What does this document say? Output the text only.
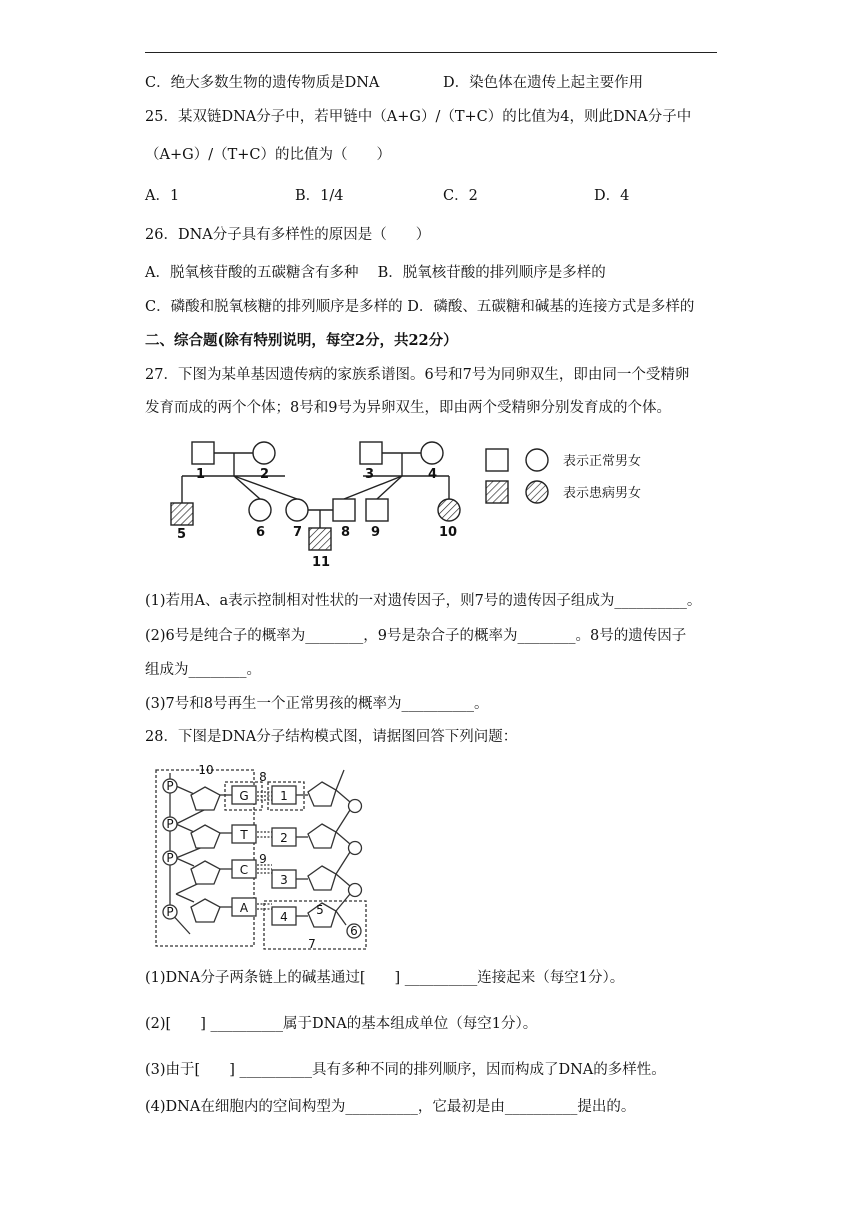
C．绝大多数生物的遗传物质是DNA	D．染色体在遗传上起主要作用
25．某双链DNA分子中，若甲链中（A+G）/（T+C）的比值为4，则此DNA分子中
（A+G）/（T+C）的比值为（　　）
A．1	B．1/4	C．2	D．4
26．DNA分子具有多样性的原因是（　　）
A．脱氧核苷酸的五碳糖含有多种　 B．脱氧核苷酸的排列顺序是多样的
C．磷酸和脱氧核糖的排列顺序是多样的 D．磷酸、五碳糖和碱基的连接方式是多样的
二、综合题(除有特别说明，每空2分，共22分）
27．下图为某单基因遗传病的家族系谱图。6号和7号为同卵双生，即由同一个受精卵
发育而成的两个个体；8号和9号为异卵双生，即由两个受精卵分别发育成的个体。
1	2	3	4
5	6 7	8 9	10
11
表示正常男女
表示患病男女
(1)若用A、a表示控制相对性状的一对遗传因子，则7号的遗传因子组成为__________。
(2)6号是纯合子的概率为________，9号是杂合子的概率为________。8号的遗传因子
组成为________。
(3)7号和8号再生一个正常男孩的概率为__________。
28．下图是DNA分子结构模式图，请据图回答下列问题：
P
P
P
P
G
T
C
A
1
2
3
4 5
6
7
8
9
10
(1)DNA分子两条链上的碱基通过[　　] __________连接起来（每空1分）。
(2)[　　] __________属于DNA的基本组成单位（每空1分）。
(3)由于[　　] __________具有多种不同的排列顺序，因而构成了DNA的多样性。
(4)DNA在细胞内的空间构型为__________，它最初是由__________提出的。
